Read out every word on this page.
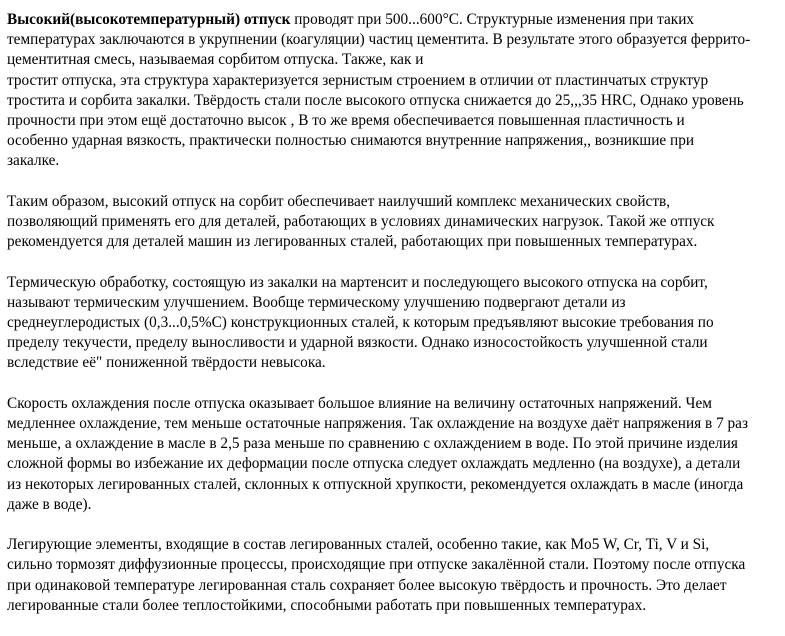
Высокий(высокотемпературный) отпуск проводят при 500...600°С. Структурные изменения при таких
температурах заключаются в укрупнении (коагуляции) частиц цементита. В результате этого образуется феррито-
цементитная смесь, называемая сорбитом отпуска. Также, как и
тростит отпуска, эта структура характеризуется зернистым строением в отличии от пластинчатых структур
тростита и сорбита закалки. Твёрдость стали после высокого отпуска снижается до 25,,,35 HRC, Однако уровень
прочности при этом ещё достаточно высок , В то же время обеспечивается повышенная пластичность и
особенно ударная вязкость, практически полностью снимаются внутренние напряжения,, возникшие при
закалке.

Таким образом, высокий отпуск на сорбит обеспечивает наилучший комплекс механических свойств,
позволяющий применять его для деталей, работающих в условиях динамических нагрузок. Такой же отпуск
рекомендуется для деталей машин из легированных сталей, работающих при повышенных температурах.

Термическую обработку, состоящую из закалки на мартенсит и последующего высокого отпуска на сорбит,
называют термическим улучшением. Вообще термическому улучшению подвергают детали из
среднеуглеродистых (0,3...0,5%С) конструкционных сталей, к которым предъявляют высокие требования по
пределу текучести, пределу выносливости и ударной вязкости. Однако износостойкость улучшенной стали
вследствие её" пониженной твёрдости невысока.

Скорость охлаждения после отпуска оказывает большое влияние на величину остаточных напряжений. Чем
медленнее охлаждение, тем меньше остаточные напряжения. Так охлаждение на воздухе даёт напряжения в 7 раз
меньше, а охлаждение в масле в 2,5 раза меньше по сравнению с охлаждением в воде. По этой причине изделия
сложной формы во избежание их деформации после отпуска следует охлаждать медленно (на воздухе), а детали
из некоторых легированных сталей, склонных к отпускной хрупкости, рекомендуется охлаждать в масле (иногда
даже в воде).

Легирующие элементы, входящие в состав легированных сталей, особенно такие, как Mo5 W, Cr, Ti, V и Si,
сильно тормозят диффузионные процессы, происходящие при отпуске закалённой стали. Поэтому после отпуска
при одинаковой температуре легированная сталь сохраняет более высокую твёрдость и прочность. Это делает
легированные стали более теплостойкими, способными работать при повышенных температурах.
